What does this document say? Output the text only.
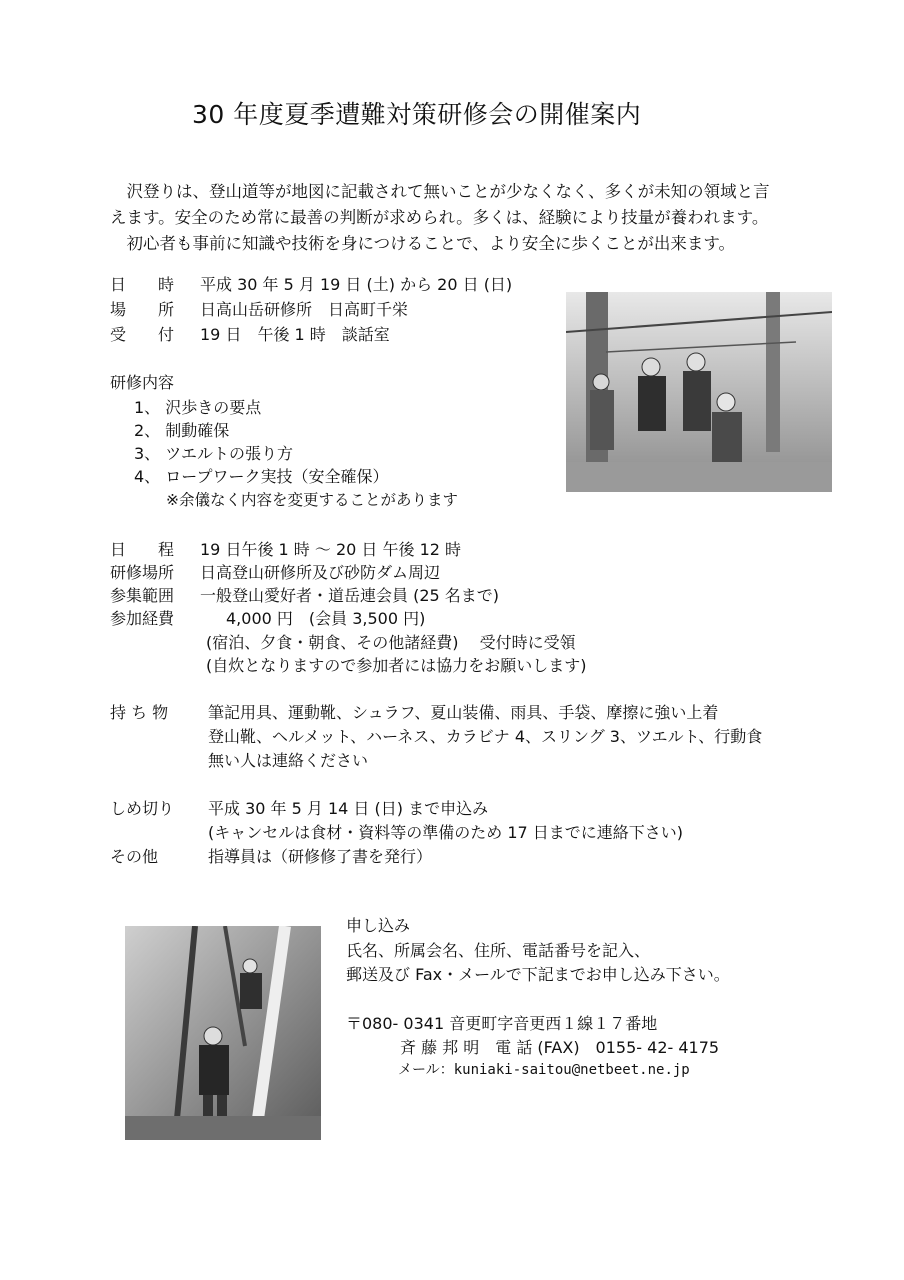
30 年度夏季遭難対策研修会の開催案内
　沢登りは、登山道等が地図に記載されて無いことが少なくなく、多くが未知の領域と言
えます。安全のため常に最善の判断が求められ。多くは、経験により技量が養われます。
　初心者も事前に知識や技術を身につけることで、より安全に歩くことが出来ます。
日　　時 平成 30 年 5 月 19 日 (土) から 20 日 (日)
場　　所 日高山岳研修所　日高町千栄
受　　付 19 日　午後 1 時　談話室
研修内容
1、 沢歩きの要点
2、 制動確保
3、 ツエルトの張り方
4、 ロープワーク実技（安全確保）
※余儀なく内容を変更することがあります
日　　程 19 日午後 1 時 〜 20 日 午後 12 時
研修場所 日高登山研修所及び砂防ダム周辺
参集範囲 一般登山愛好者・道岳連会員 (25 名まで)
参加経費	4,000 円　(会員 3,500 円)
(宿泊、夕食・朝食、その他諸経費)　 受付時に受領
(自炊となりますので参加者には協力をお願いします)
持 ち 物 筆記用具、運動靴、シュラフ、夏山装備、雨具、手袋、摩擦に強い上着
登山靴、ヘルメット、ハーネス、カラビナ 4、スリング 3、ツエルト、行動食
無い人は連絡ください
しめ切り 平成 30 年 5 月 14 日 (日) まで申込み
(キャンセルは食材・資料等の準備のため 17 日までに連絡下さい)
その他	指導員は（研修修了書を発行）
申し込み
氏名、所属会名、住所、電話番号を記入、
郵送及び Fax・メールで下記までお申し込み下さい。
〒080- 0341 音更町字音更西１線１７番地
斉 藤 邦 明　電 話 (FAX)　0155- 42- 4175
メール：kuniaki-saitou@netbeet.ne.jp
